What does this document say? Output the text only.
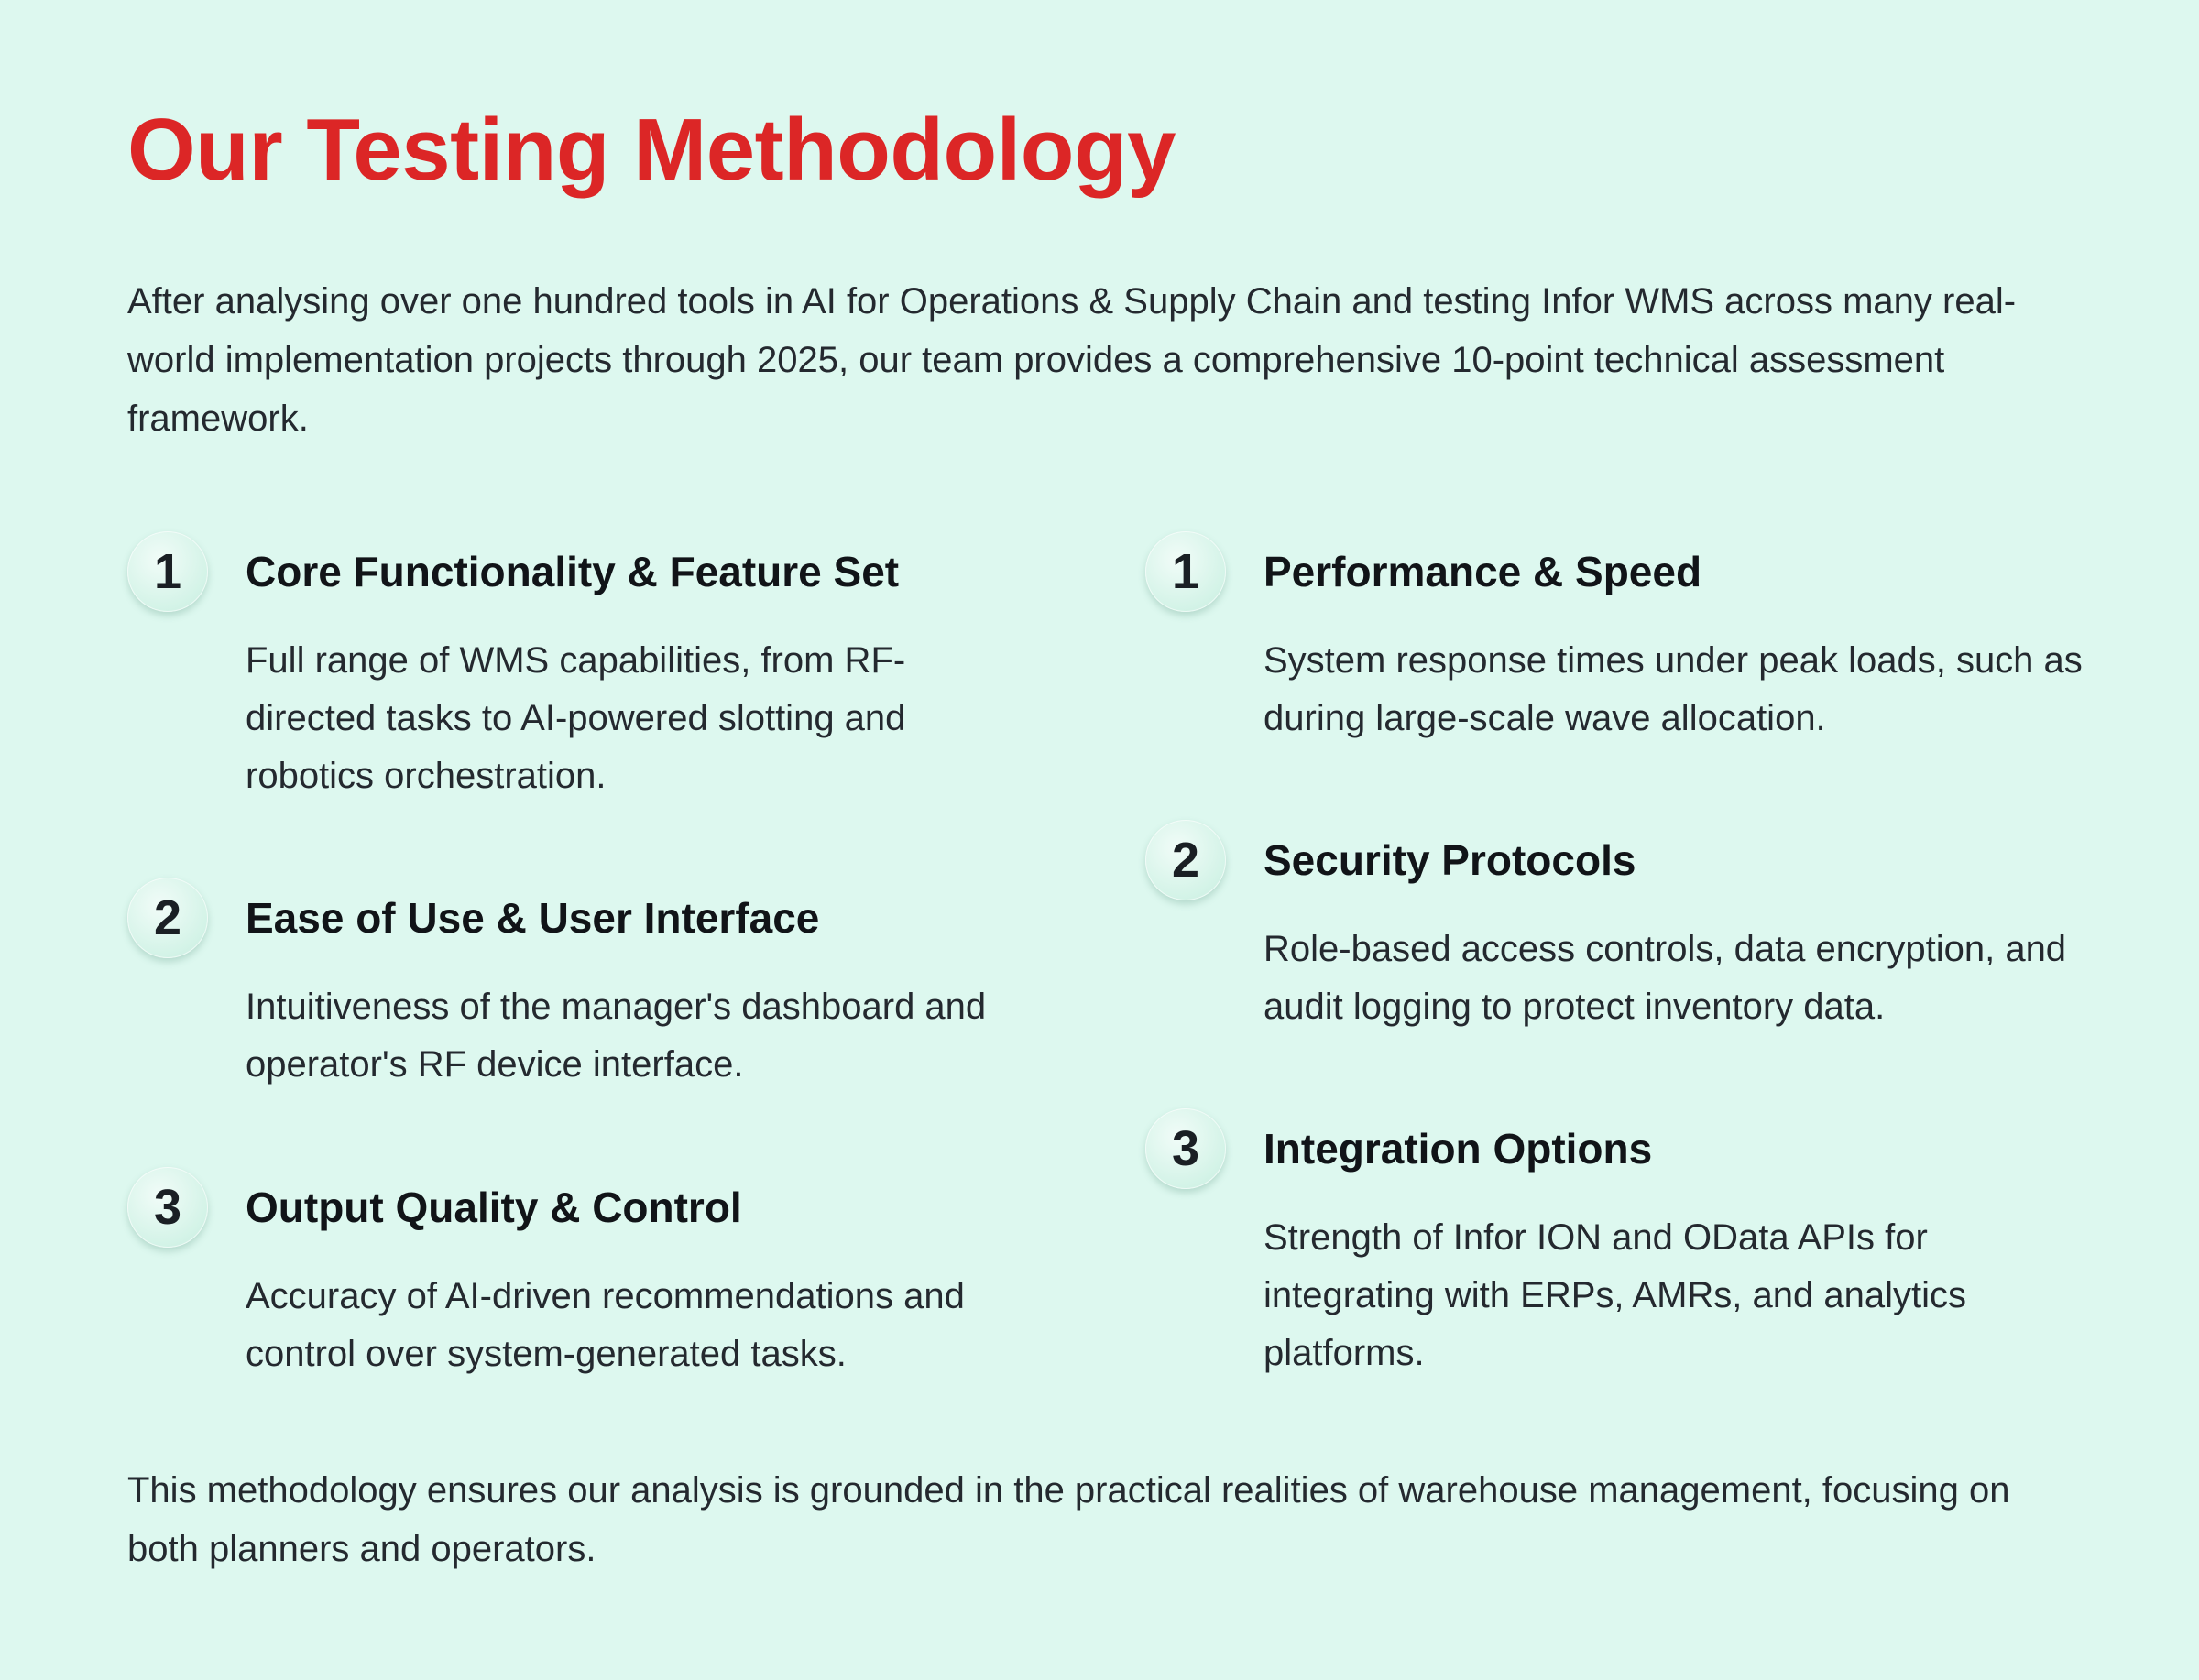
Our Testing Methodology

After analysing over one hundred tools in AI for Operations & Supply Chain and testing Infor WMS across many real-world implementation projects through 2025, our team provides a comprehensive 10-point technical assessment framework.

1	Core Functionality & Feature Set

Full range of WMS capabilities, from RF-directed tasks to AI-powered slotting and robotics orchestration.

2	Ease of Use & User Interface

Intuitiveness of the manager's dashboard and operator's RF device interface.

3	Output Quality & Control

Accuracy of AI-driven recommendations and control over system-generated tasks.

1	Performance & Speed

System response times under peak loads, such as during large-scale wave allocation.

2	Security Protocols

Role-based access controls, data encryption, and audit logging to protect inventory data.

3	Integration Options

Strength of Infor ION and OData APIs for integrating with ERPs, AMRs, and analytics platforms.

This methodology ensures our analysis is grounded in the practical realities of warehouse management, focusing on both planners and operators.
